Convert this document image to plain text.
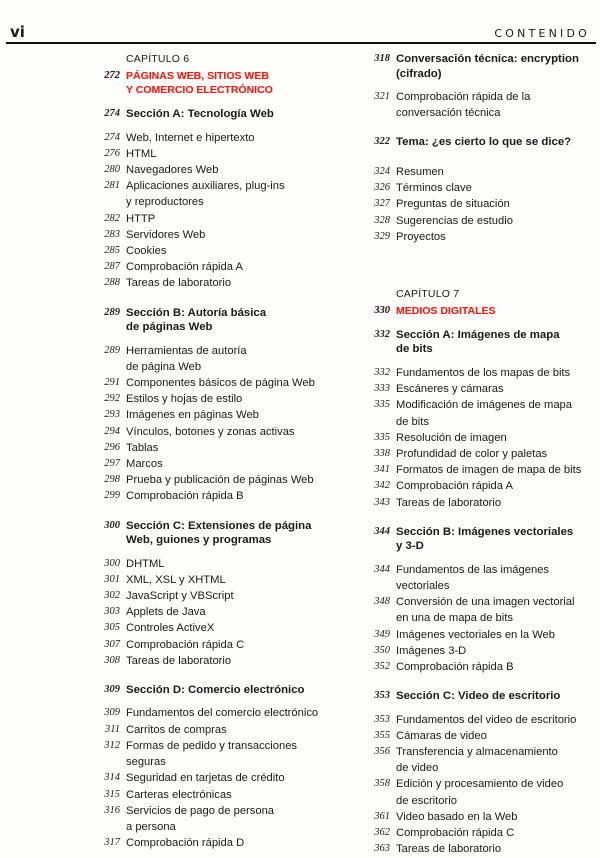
vi	CONTENIDO
CAPÍTULO 6
272 PÁGINAS WEB, SITIOS WEB
Y COMERCIO ELECTRÓNICO
274 Sección A: Tecnología Web
274 Web, Internet e hipertexto
276 HTML
280 Navegadores Web
281 Aplicaciones auxiliares, plug-ins
y reproductores
282 HTTP
283 Servidores Web
285 Cookies
287 Comprobación rápida A
288 Tareas de laboratorio
289 Sección B: Autoría básica
de páginas Web
289 Herramientas de autoría
de página Web
291 Componentes básicos de página Web
292 Estilos y hojas de estilo
293 Imágenes en páginas Web
294 Vínculos, botones y zonas activas
296 Tablas
297 Marcos
298 Prueba y publicación de páginas Web
299 Comprobación rápida B
300 Sección C: Extensiones de página
Web, guiones y programas
300 DHTML
301 XML, XSL y XHTML
302 JavaScript y VBScript
303 Applets de Java
305 Controles ActiveX
307 Comprobación rápida C
308 Tareas de laboratorio
309 Sección D: Comercio electrónico
309 Fundamentos del comercio electrónico
311 Carritos de compras
312 Formas de pedido y transacciones
seguras
314 Seguridad en tarjetas de crédito
315 Carteras electrónicas
316 Servicios de pago de persona
a persona
317 Comprobación rápida D
318 Conversación técnica: encryption
(cifrado)
321 Comprobación rápida de la
conversación técnica
322 Tema: ¿es cierto lo que se dice?
324 Resumen
326 Términos clave
327 Preguntas de situación
328 Sugerencias de estudio
329 Proyectos
CAPÍTULO 7
330 MEDIOS DIGITALES
332 Sección A: Imágenes de mapa
de bits
332 Fundamentos de los mapas de bits
333 Escáneres y cámaras
335 Modificación de imágenes de mapa
de bits
335 Resolución de imagen
338 Profundidad de color y paletas
341 Formatos de imagen de mapa de bits
342 Comprobación rápida A
343 Tareas de laboratorio
344 Sección B: Imágenes vectoriales
y 3-D
344 Fundamentos de las imágenes
vectoriales
348 Conversión de una imagen vectorial
en una de mapa de bits
349 Imágenes vectoriales en la Web
350 Imágenes 3-D
352 Comprobación rápida B
353 Sección C: Video de escritorio
353 Fundamentos del video de escritorio
355 Cámaras de video
356 Transferencia y almacenamiento
de video
358 Edición y procesamiento de video
de escritorio
361 Video basado en la Web
362 Comprobación rápida C
363 Tareas de laboratorio
